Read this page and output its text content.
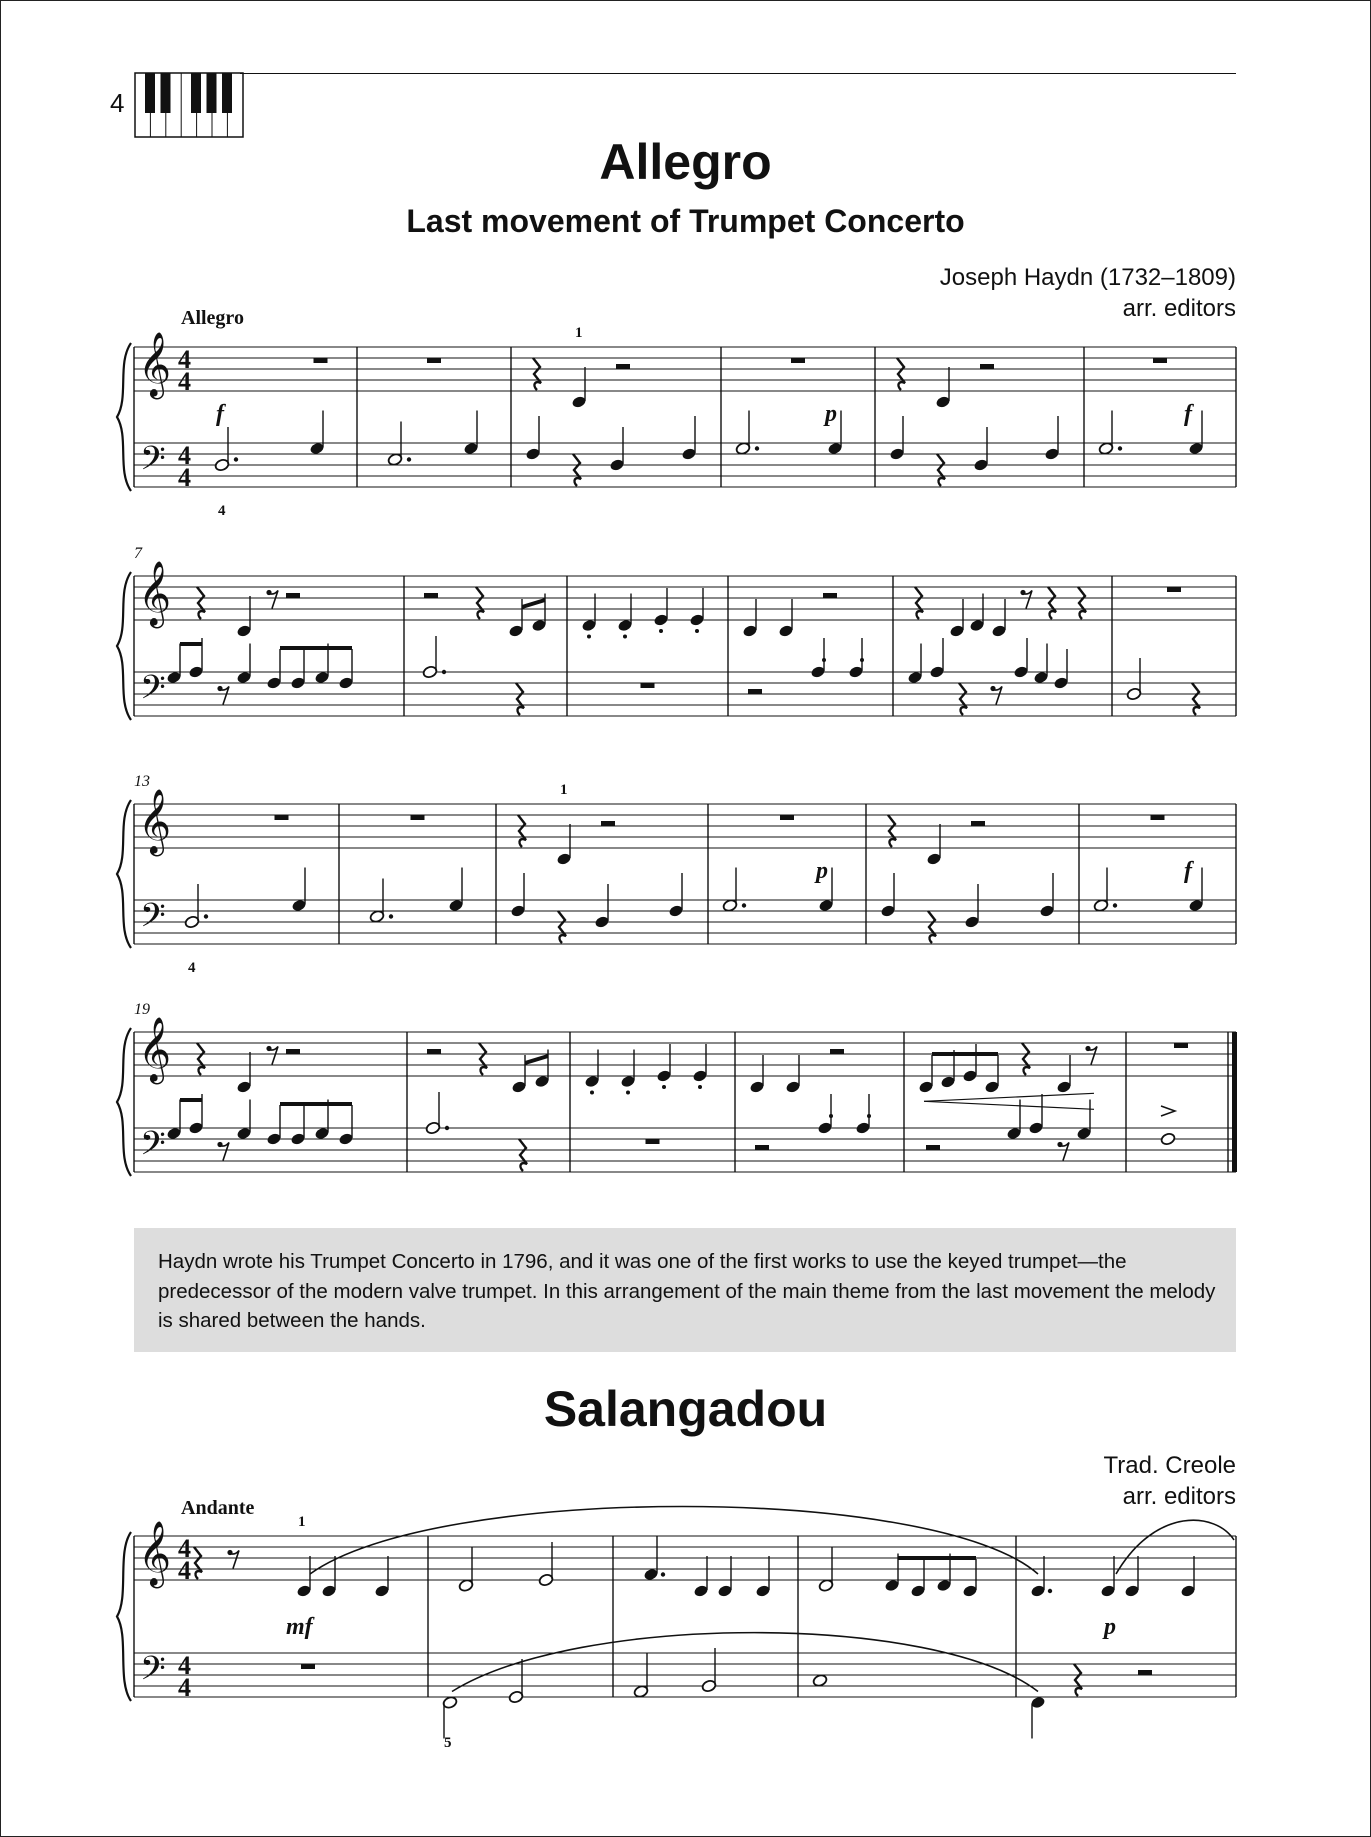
4
Allegro
Last movement of Trumpet Concerto
Joseph Haydn (1732–1809)
arr. editors
Allegro
𝄞
𝄢
4
4
4
4
1
f	p	f
4
𝄞
𝄢
7
𝄞
𝄢
13	1
p	f
4
𝄞
𝄢
19
𝄞
𝄢
4
4
4
4
1
mf	p
5
Haydn wrote his Trumpet Concerto in 1796, and it was one of the first works to use the keyed trumpet—the predecessor of the modern valve trumpet. In this arrangement of the main theme from the last movement the melody is shared between the hands.
Salangadou
Trad. Creole
arr. editors
Andante
